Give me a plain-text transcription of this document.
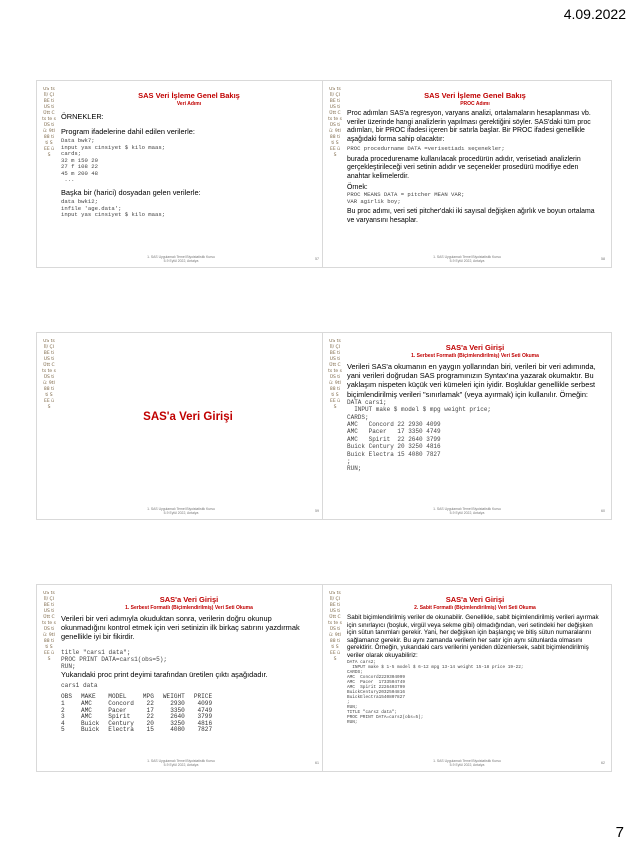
4.09.2022
ÜS ts İİ/ ÇI BE ti US ti Ütt C ts te s ÜS ti ü: 9tI 88 ti ti S EE ü S
SAS Veri İşleme Genel Bakış
Veri Adımı
ÖRNEKLER:
Program ifadelerine dahil edilen verilerle:
Data bwk7;
input yas cinsiyet $ kilo maas;
cards;
32 m 150 20
27 f 108 22
45 m 200 48
...
Başka bir (harici) dosyadan gelen verilerle:
data bwk12;
infile 'age.data';
input yas cinsiyet $ kilo maas;
1. SAS Uygulamalı Temel Biyoistatistik Kursu
5-9 Eylül 2022, Antalya	57
ÜS ts İİ/ ÇI BE ti US ti Ütt C ts te s ÜS ti ü: 9tI 88 ti ti S EE ü S
SAS Veri İşleme Genel Bakış
PROC Adımı
Proc adımları SAS'a regresyon, varyans analizi, ortalamaların hesaplanması vb. veriler üzerinde hangi analizlerin yapılması gerektiğini söyler. SAS'daki tüm proc adımları, bir PROC ifadesi içeren bir satırla başlar. Bir PROC ifadesi genellikle aşağıdaki forma sahip olacaktır:
PROC procedurname DATA =verisetiadı seçenekler;
burada procedurename kullanılacak procedürün adıdır, verisetiadı analizlerin gerçekleştirileceği veri setinin adıdır ve seçenekler prosedürü modifiye eden anahtar kelimelerdir.
Örnek:
PROC MEANS DATA = pitcher MEAN VAR;
VAR agirlik boy;
Bu proc adımı, veri seti pitcher'daki iki sayısal değişken ağırlık ve boyun ortalama ve varyansını hesaplar.
1. SAS Uygulamalı Temel Biyoistatistik Kursu
5-9 Eylül 2022, Antalya	58
ÜS ts İİ/ ÇI BE ti US ti Ütt C ts te s ÜS ti ü: 9tI 88 ti ti S EE ü S
SAS'a Veri Girişi
1. SAS Uygulamalı Temel Biyoistatistik Kursu
5-9 Eylül 2022, Antalya	59
ÜS ts İİ/ ÇI BE ti US ti Ütt C ts te s ÜS ti ü: 9tI 88 ti ti S EE ü S
SAS'a Veri Girişi
1. Serbest Formatlı (Biçimlendirilmiş) Veri Seti Okuma
Verileri SAS'a okumanın en yaygın yollarından biri, verileri bir veri adımında, yani verileri doğrudan SAS programınızın Syntax'ına yazarak okumaktır. Bu yaklaşım nispeten küçük veri kümeleri için iyidir. Boşluklar genellikle serbest biçimlendirilmiş verileri "sınırlamak" (veya ayırmak) için kullanılır. Örneğin:
DATA cars1;
INPUT make $ model $ mpg weight price;
CARDS;
AMC   Concord 22 2930 4099
AMC   Pacer   17 3350 4749
AMC   Spirit  22 2640 3799
Buick Century 20 3250 4816
Buick Electra 15 4080 7827
;
RUN;
1. SAS Uygulamalı Temel Biyoistatistik Kursu
5-9 Eylül 2022, Antalya	60
ÜS ts İİ/ ÇI BE ti US ti Ütt C ts te s ÜS ti ü: 9tI 88 ti ti S EE ü S
SAS'a Veri Girişi
1. Serbest Formatlı (Biçimlendirilmiş) Veri Seti Okuma
Verileri bir veri adımıyla okuduktan sonra, verilerin doğru okunup okunmadığını kontrol etmek için veri setinizin ilk birkaç satırını yazdırmak genellikle iyi bir fikirdir.
title "cars1 data";
PROC PRINT DATA=cars1(obs=5);
RUN;
Yukarıdaki proc print deyimi tarafından üretilen çıktı aşağıdadır.
cars1 data
OBS	MAKE	MODEL	MPG	WEIGHT	PRICE
1	AMC	Concord	22	2930	4099
2	AMC	Pacer	17	3350	4749
3	AMC	Spirit	22	2640	3799
4	Buick	Century	20	3250	4816
5	Buick	Electra	15	4080	7827
1. SAS Uygulamalı Temel Biyoistatistik Kursu
5-9 Eylül 2022, Antalya	61
ÜS ts İİ/ ÇI BE ti US ti Ütt C ts te s ÜS ti ü: 9tI 88 ti ti S EE ü S
SAS'a Veri Girişi
2. Sabit Formatlı (Biçimlendirilmiş) Veri Seti Okuma
Sabit biçimlendirilmiş veriler de okunabilir. Genellikle, sabit biçimlendirilmiş verileri ayırmak için sınırlayıcı (boşluk, virgül veya sekme gibi) olmadığından, veri setindeki her değişken için sütun tanımları gerekir. Yani, her değişken için başlangıç ve bitiş sütun numaralarını sağlamanız gerekir. Bu aynı zamanda verilerin her satır için aynı sütunlarda olmasını gerektirir. Örneğin, yukarıdaki cars verilerini yeniden düzenlersek, sabit biçimlendirilmiş veriler olarak okuyabiliriz:
DATA cars2;
INPUT make $ 1-5 model $ 6-12 mpg 13-14 weight 15-18 price 19-22;
CARDS;
AMC  Concord2229304099
AMC  Pacer  1733504749
AMC  Spirit 2226403799
BuickCentury2032504816
BuickElectra1540807827
;
RUN;
TITLE "cars2 data";
PROC PRINT DATA=cars2(obs=5);
RUN;
1. SAS Uygulamalı Temel Biyoistatistik Kursu
5-9 Eylül 2022, Antalya	62
7
